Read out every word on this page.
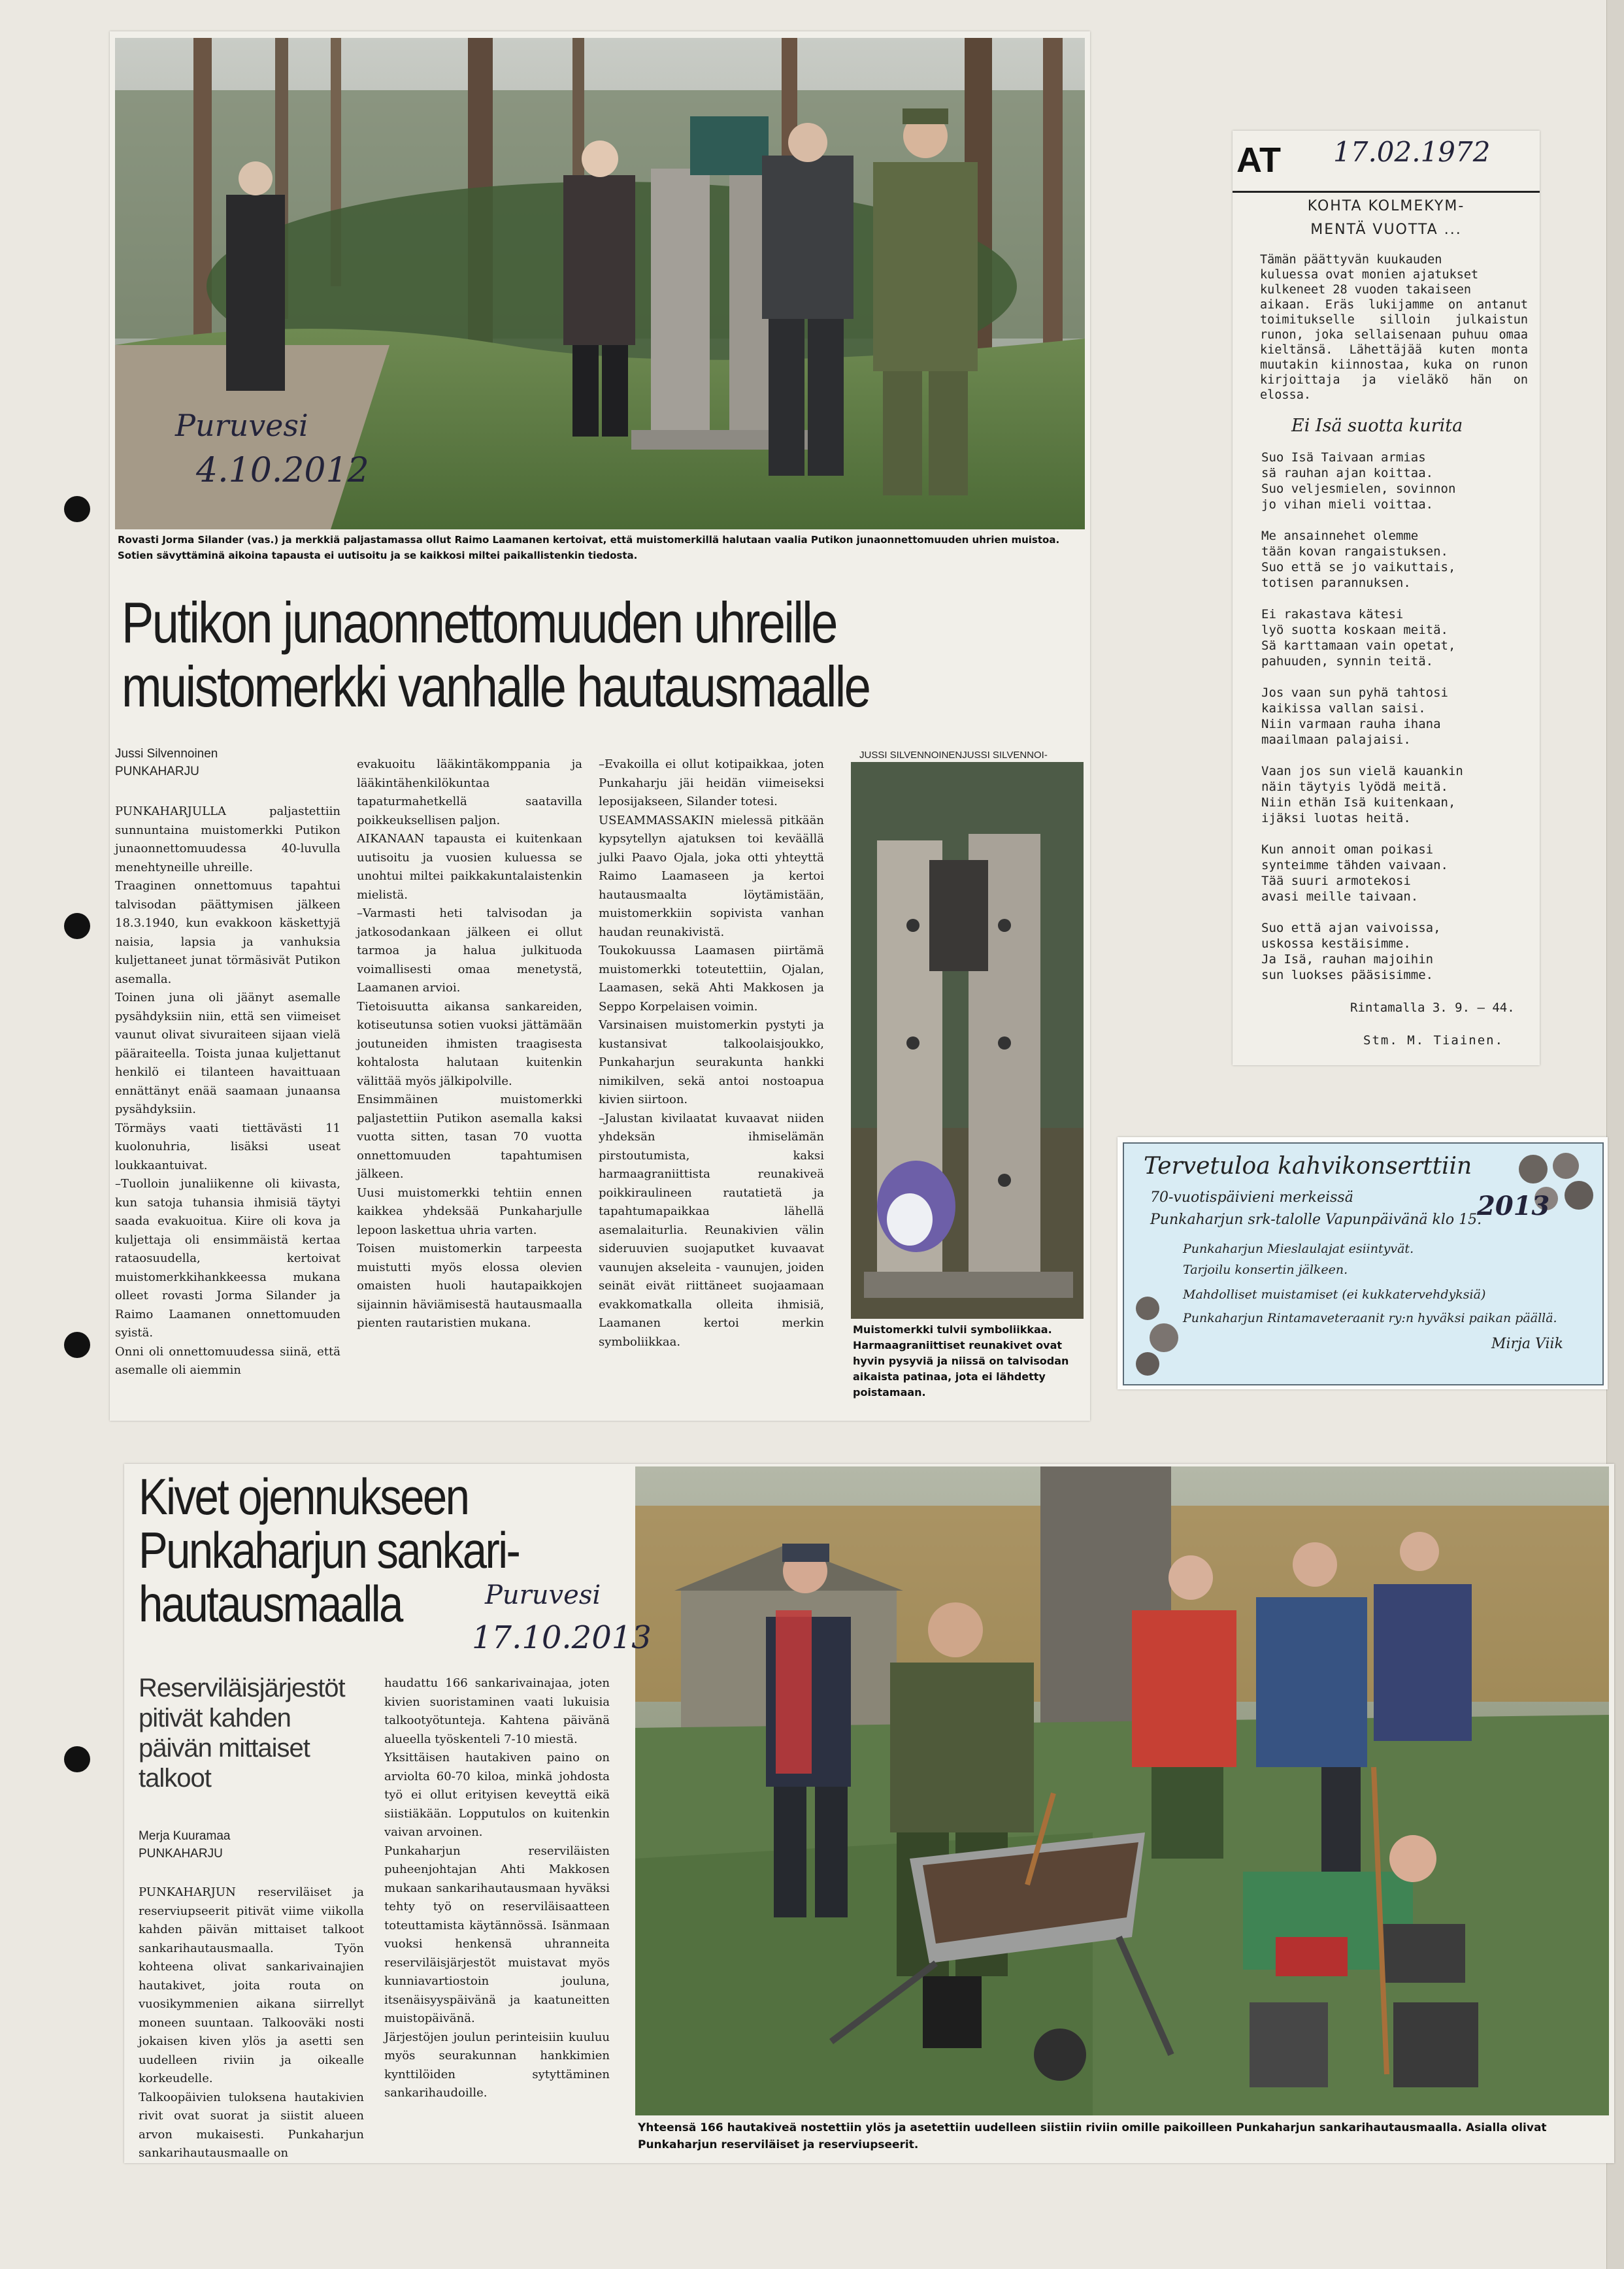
Rovasti Jorma Silander (vas.) ja merkkiä paljastamassa ollut Raimo Laamanen kertoivat, että muistomerkillä halutaan vaalia Putikon junaonnettomuuden uhrien muistoa. Sotien sävyttäminä aikoina tapausta ei uutisoitu ja se kaikkosi miltei paikallistenkin tiedosta.
Putikon junaonnettomuuden uhreille
muistomerkki vanhalle hautausmaalle
Jussi Silvennoinen
PUNKAHARJU
PUNKAHARJULLA paljastettiin sunnuntaina muistomerkki Putikon junaonnettomuudessa 40-luvulla menehtyneille uhreille.
Traaginen onnettomuus tapahtui talvisodan päättymisen jälkeen 18.3.1940, kun evakkoon käskettyjä naisia, lapsia ja vanhuksia kuljettaneet junat törmäsivät Putikon asemalla.
Toinen juna oli jäänyt asemalle pysähdyksiin niin, että sen viimeiset vaunut olivat sivuraiteen sijaan vielä pääraiteella. Toista junaa kuljettanut henkilö ei tilanteen havaittuaan ennättänyt enää saamaan junaansa pysähdyksiin.
Törmäys vaati tiettävästi 11 kuolonuhria, lisäksi useat loukkaantuivat.
–Tuolloin junaliikenne oli kiivasta, kun satoja tuhansia ihmisiä täytyi saada evakuoitua. Kiire oli kova ja kuljettaja oli ensimmäistä kertaa rataosuudella, kertoivat muistomerkkihankkeessa mukana olleet rovasti Jorma Silander ja Raimo Laamanen onnettomuuden syistä.
Onni oli onnettomuudessa siinä, että asemalle oli aiemmin
evakuoitu lääkintäkomppania ja lääkintähenkilökuntaa tapaturmahetkellä saatavilla poikkeuksellisen paljon.
AIKANAAN tapausta ei kuitenkaan uutisoitu ja vuosien kuluessa se unohtui miltei paikkakuntalaistenkin mielistä.
–Varmasti heti talvisodan ja jatkosodankaan jälkeen ei ollut tarmoa ja halua julkituoda voimallisesti omaa menetystä, Laamanen arvioi.
Tietoisuutta aikansa sankareiden, kotiseutunsa sotien vuoksi jättämään joutuneiden ihmisten traagisesta kohtalosta halutaan kuitenkin välittää myös jälkipolville.
Ensimmäinen muistomerkki paljastettiin Putikon asemalla kaksi vuotta sitten, tasan 70 vuotta onnettomuuden tapahtumisen jälkeen.
Uusi muistomerkki tehtiin ennen kaikkea yhdeksää Punkaharjulle lepoon laskettua uhria varten.
Toisen muistomerkin tarpeesta muistutti myös elossa olevien omaisten huoli hautapaikkojen sijainnin häviämisestä hautausmaalla pienten rautaristien mukana.
–Evakoilla ei ollut kotipaikkaa, joten Punkaharju jäi heidän viimeiseksi leposijakseen, Silander totesi.
USEAMMASSAKIN mielessä pitkään kypsytellyn ajatuksen toi keväällä julki Paavo Ojala, joka otti yhteyttä Raimo Laamaseen ja kertoi hautausmaalta löytämistään, muistomerkkiin sopivista vanhan haudan reunakivistä.
Toukokuussa Laamasen piirtämä muistomerkki toteutettiin, Ojalan, Laamasen, sekä Ahti Makkosen ja Seppo Korpelaisen voimin.
Varsinaisen muistomerkin pystyti ja kustansivat talkoolaisjoukko, Punkaharjun seurakunta hankki nimikilven, sekä antoi nostoapua kivien siirtoon.
–Jalustan kivilaatat kuvaavat niiden yhdeksän ihmiselämän pirstoutumista, kaksi harmaagraniittista reunakiveä poikkiraulineen rautatietä ja tapahtumapaikkaa lähellä asemalaiturlia. Reunakivien välin sideruuvien suojaputket kuvaavat vaunujen akseleita - vaunujen, joiden seinät eivät riittäneet suojaamaan evakkomatkalla olleita ihmisiä, Laamanen kertoi merkin symboliikkaa.
JUSSI SILVENNOINENJUSSI SILVENNOI-
Muistomerkki tulvii symboliikkaa. Harmaagraniittiset reunakivet ovat hyvin pysyviä ja niissä on talvisodan aikaista patinaa, jota ei lähdetty poistamaan.
Puruvesi
4.10.2012
AT
KOHTA KOLMEKYM-
MENTÄ VUOTTA ...
Tämän päättyvän kuukauden
kuluessa ovat monien ajatukset
kulkeneet 28 vuoden takaiseen
aikaan. Eräs lukijamme on antanut toimitukselle silloin julkaistun runon, joka sellaisenaan puhuu omaa kieltänsä. Lähettäjää kuten monta muutakin kiinnostaa, kuka on runon kirjoittaja ja vieläkö hän on elossa.
Ei Isä suotta kurita
Suo Isä Taivaan armias
sä rauhan ajan koittaa.
Suo veljesmielen, sovinnon
jo vihan mieli voittaa.
Me ansainnehet olemme
tään kovan rangaistuksen.
Suo että se jo vaikuttais,
totisen parannuksen.
Ei rakastava kätesi
lyö suotta koskaan meitä.
Sä karttamaan vain opetat,
pahuuden, synnin teitä.
Jos vaan sun pyhä tahtosi
kaikissa vallan saisi.
Niin varmaan rauha ihana
maailmaan palajaisi.
Vaan jos sun vielä kauankin
näin täytyis lyödä meitä.
Niin ethän Isä kuitenkaan,
ijäksi luotas heitä.
Kun annoit oman poikasi
synteimme tähden vaivaan.
Tää suuri armotekosi
avasi meille taivaan.
Suo että ajan vaivoissa,
uskossa kestäisimme.
Ja Isä, rauhan majoihin
sun luokses pääsisimme.
Rintamalla 3. 9. — 44.
Stm. M. Tiainen.
17.02.1972
Tervetuloa kahvikonserttiin
70-vuotispäivieni merkeissä
Punkaharjun srk-talolle Vapunpäivänä klo 15.
Punkaharjun Mieslaulajat esiintyvät.
Tarjoilu konsertin jälkeen.
Mahdolliset muistamiset (ei kukkatervehdyksiä)
Punkaharjun Rintamaveteraanit ry:n hyväksi paikan päällä.
Mirja Viik
2013
Kivet ojennukseen
Punkaharjun sankari-
hautausmaalla
Reserviläisjärjestöt pitivät kahden päivän mittaiset talkoot
Merja Kuuramaa
PUNKAHARJU
PUNKAHARJUN reserviläiset ja reserviupseerit pitivät viime viikolla kahden päivän mittaiset talkoot sankarihautausmaalla. Työn kohteena olivat sankarivainajien hautakivet, joita routa on vuosikymmenien aikana siirrellyt moneen suuntaan. Talkooväki nosti jokaisen kiven ylös ja asetti sen uudelleen riviin ja oikealle korkeudelle.
Talkoopäivien tuloksena hautakivien rivit ovat suorat ja siistit alueen arvon mukaisesti. Punkaharjun sankarihautausmaalle on
haudattu 166 sankarivainajaa, joten kivien suoristaminen vaati lukuisia talkootyötunteja. Kahtena päivänä alueella työskenteli 7-10 miestä.
Yksittäisen hautakiven paino on arviolta 60-70 kiloa, minkä johdosta työ ei ollut erityisen keveyttä eikä siistiäkään. Lopputulos on kuitenkin vaivan arvoinen.
Punkaharjun reserviläisten puheenjohtajan Ahti Makkosen mukaan sankarihautausmaan hyväksi tehty työ on reserviläisaatteen toteuttamista käytännössä. Isänmaan vuoksi henkensä uhranneita reserviläisjärjestöt muistavat myös kunniavartiostoin jouluna, itsenäisyyspäivänä ja kaatuneitten muistopäivänä.
Järjestöjen joulun perinteisiin kuuluu myös seurakunnan hankkimien kynttilöiden sytyttäminen sankarihaudoille.
Yhteensä 166 hautakiveä nostettiin ylös ja asetettiin uudelleen siistiin riviin omille paikoilleen Punkaharjun sankarihautausmaalla. Asialla olivat Punkaharjun reserviläiset ja reserviupseerit.
Puruvesi
17.10.2013
